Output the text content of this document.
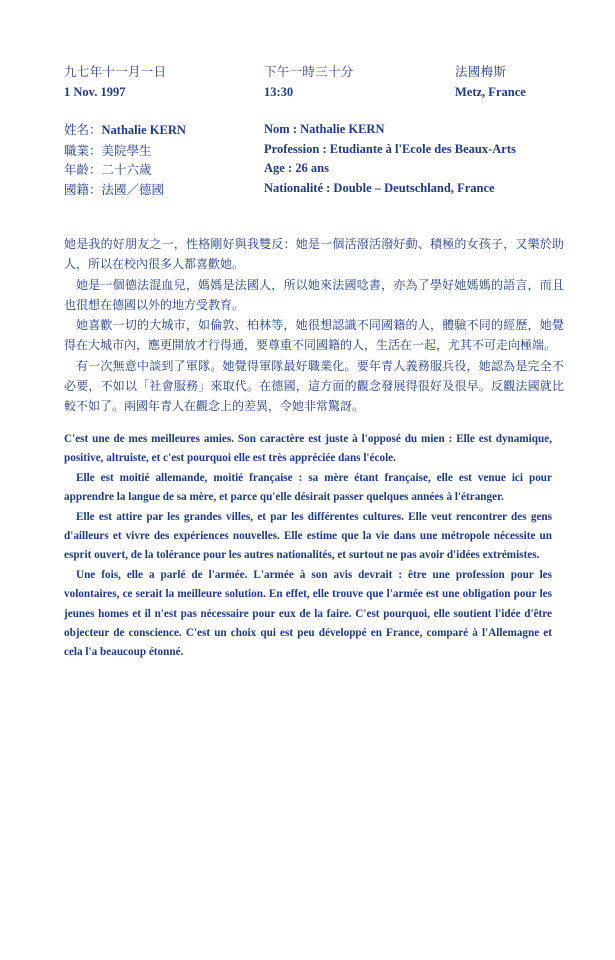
九七年十一月一日
1 Nov. 1997
下午一時三十分
13:30
法國梅斯
Metz, France
姓名：Nathalie KERN
職業：美院學生
年齡：二十六歲
國籍：法國／德國
Nom : Nathalie KERN
Profession : Etudiante à l'Ecole des Beaux-Arts
Age : 26 ans
Nationalité : Double – Deutschland, France

她是我的好朋友之一，性格剛好與我雙反：她是一個活潑活潑好動、積極的女孩子，又樂於助人，所以在校內很多人都喜歡她。

她是一個德法混血兒，媽媽是法國人，所以她來法國唸書，亦為了學好她媽媽的語言，而且也很想在德國以外的地方受教育。

她喜歡一切的大城市，如倫敦、柏林等，她很想認識不同國籍的人，體驗不同的經歷，她覺得在大城市內，應更開放才行得通，要尊重不同國籍的人，生活在一起，尤其不可走向極端。

有一次無意中談到了軍隊。她覺得軍隊最好職業化。要年青人義務服兵役，她認為是完全不必要，不如以「社會服務」來取代。在德國，這方面的觀念發展得很好及很早。反觀法國就比較不如了。兩國年青人在觀念上的差異，令她非常驚訝。

C'est une de mes meilleures amies. Son caractère est juste à l'opposé du mien : Elle est dynamique, positive, altruiste, et c'est pourquoi elle est très appréciée dans l'école.

Elle est moitié allemande, moitié française : sa mère étant française, elle est venue ici pour apprendre la langue de sa mère, et parce qu'elle désirait passer quelques années à l'étranger.

Elle est attire par les grandes villes, et par les différentes cultures. Elle veut rencontrer des gens d'ailleurs et vivre des expériences nouvelles. Elle estime que la vie dans une métropole nécessite un esprit ouvert, de la tolérance pour les autres nationalités, et surtout ne pas avoir d'idées extrémistes.

Une fois, elle a parlé de l'armée. L'armée à son avis devrait : être une profession pour les volontaires, ce serait la meilleure solution. En effet, elle trouve que l'armée est une obligation pour les jeunes homes et il n'est pas nécessaire pour eux de la faire. C'est pourquoi, elle soutient l'idée d'être objecteur de conscience. C'est un choix qui est peu développé en France, comparé à l'Allemagne et cela l'a beaucoup étonné.
